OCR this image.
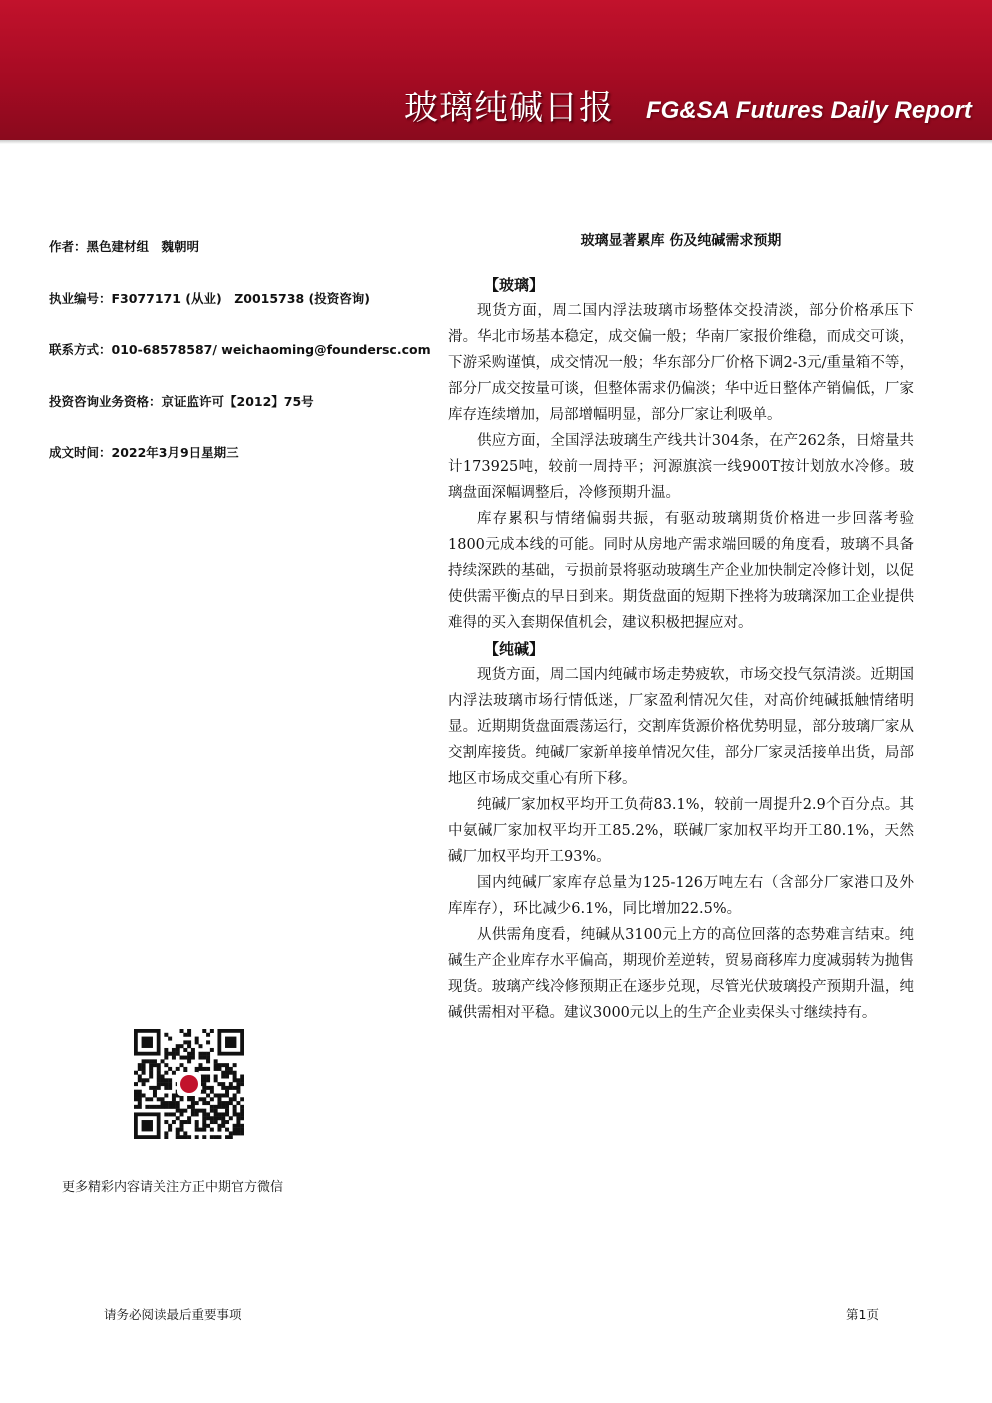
玻璃纯碱日报 FG&SA Futures Daily Report
作者：黑色建材组　魏朝明
执业编号：F3077171 (从业)　Z0015738 (投资咨询)
联系方式：010-68578587/ weichaoming@foundersc.com
投资咨询业务资格：京证监许可【2012】75号
成文时间：2022年3月9日星期三
玻璃显著累库 伤及纯碱需求预期
【玻璃】

现货方面，周二国内浮法玻璃市场整体交投清淡，部分价格承压下滑。华北市场基本稳定，成交偏一般；华南厂家报价维稳，而成交可谈，下游采购谨慎，成交情况一般；华东部分厂价格下调2-3元/重量箱不等，部分厂成交按量可谈，但整体需求仍偏淡；华中近日整体产销偏低，厂家库存连续增加，局部增幅明显，部分厂家让利吸单。

供应方面，全国浮法玻璃生产线共计304条，在产262条，日熔量共计173925吨，较前一周持平；河源旗滨一线900T按计划放水冷修。玻璃盘面深幅调整后，冷修预期升温。

库存累积与情绪偏弱共振，有驱动玻璃期货价格进一步回落考验1800元成本线的可能。同时从房地产需求端回暖的角度看，玻璃不具备持续深跌的基础，亏损前景将驱动玻璃生产企业加快制定冷修计划，以促使供需平衡点的早日到来。期货盘面的短期下挫将为玻璃深加工企业提供难得的买入套期保值机会，建议积极把握应对。

【纯碱】

现货方面，周二国内纯碱市场走势疲软，市场交投气氛清淡。近期国内浮法玻璃市场行情低迷，厂家盈利情况欠佳，对高价纯碱抵触情绪明显。近期期货盘面震荡运行，交割库货源价格优势明显，部分玻璃厂家从交割库接货。纯碱厂家新单接单情况欠佳，部分厂家灵活接单出货，局部地区市场成交重心有所下移。

纯碱厂家加权平均开工负荷83.1%，较前一周提升2.9个百分点。其中氨碱厂家加权平均开工85.2%，联碱厂家加权平均开工80.1%，天然碱厂加权平均开工93%。

国内纯碱厂家库存总量为125-126万吨左右（含部分厂家港口及外库库存），环比减少6.1%，同比增加22.5%。

从供需角度看，纯碱从3100元上方的高位回落的态势难言结束。纯碱生产企业库存水平偏高，期现价差逆转，贸易商移库力度减弱转为抛售现货。玻璃产线冷修预期正在逐步兑现，尽管光伏玻璃投产预期升温，纯碱供需相对平稳。建议3000元以上的生产企业卖保头寸继续持有。

更多精彩内容请关注方正中期官方微信
请务必阅读最后重要事项	第1页
